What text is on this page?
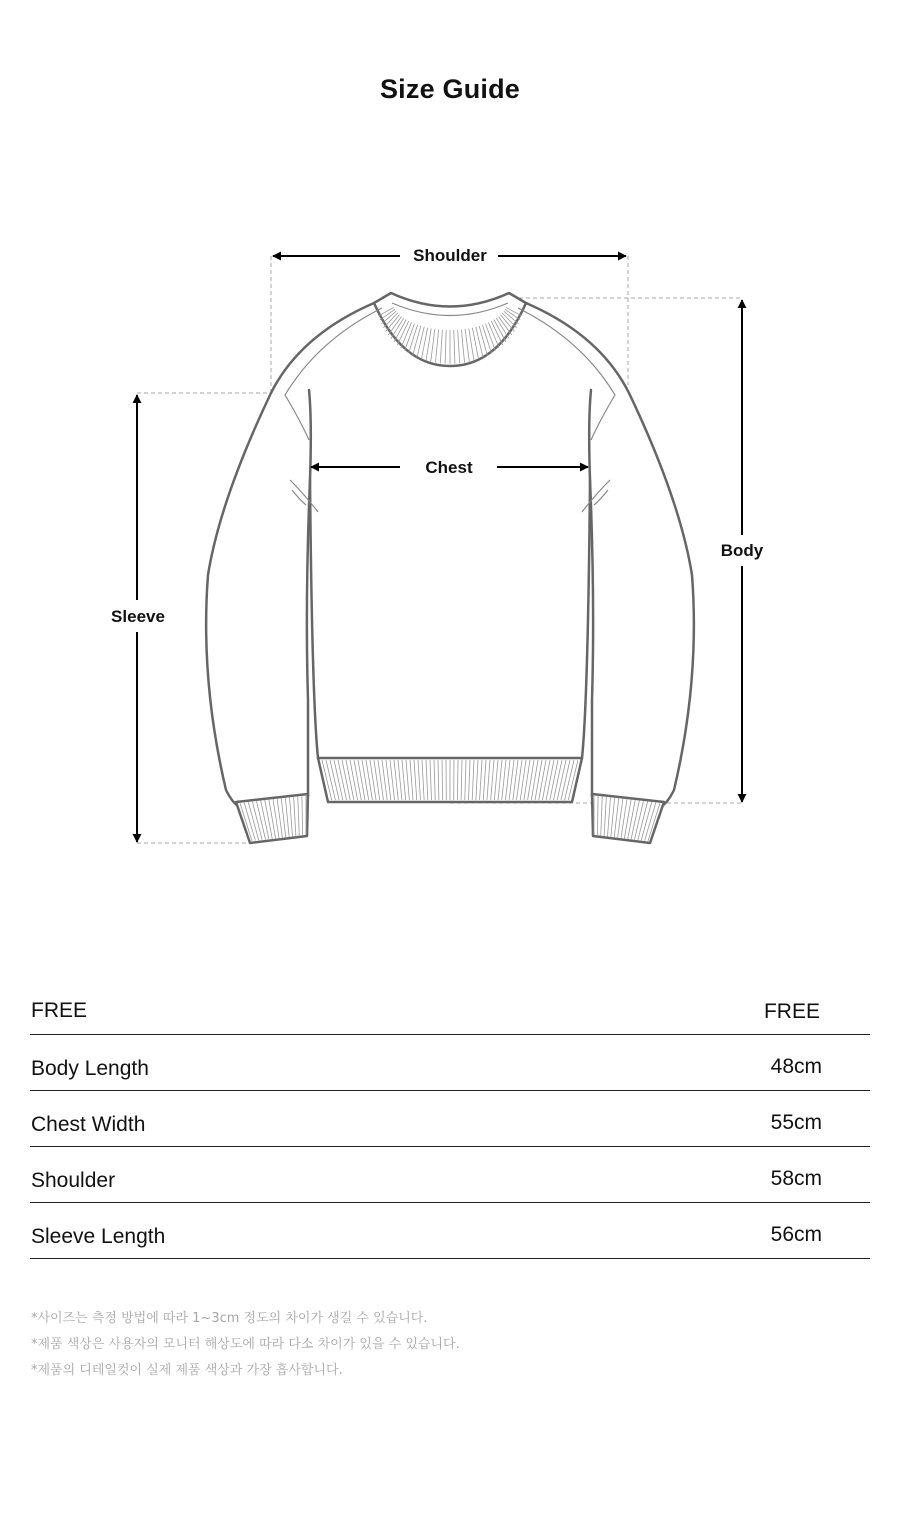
Size Guide
Shoulder
Chest
Body
Sleeve
FREE	FREE
Body Length	48cm
Chest Width	55cm
Shoulder	58cm
Sleeve Length	56cm

*사이즈는 측정 방법에 따라 1~3cm 정도의 차이가 생길 수 있습니다.

*제품 색상은 사용자의 모니터 해상도에 따라 다소 차이가 있을 수 있습니다.

*제품의 디테일컷이 실제 제품 색상과 가장 흡사합니다.
